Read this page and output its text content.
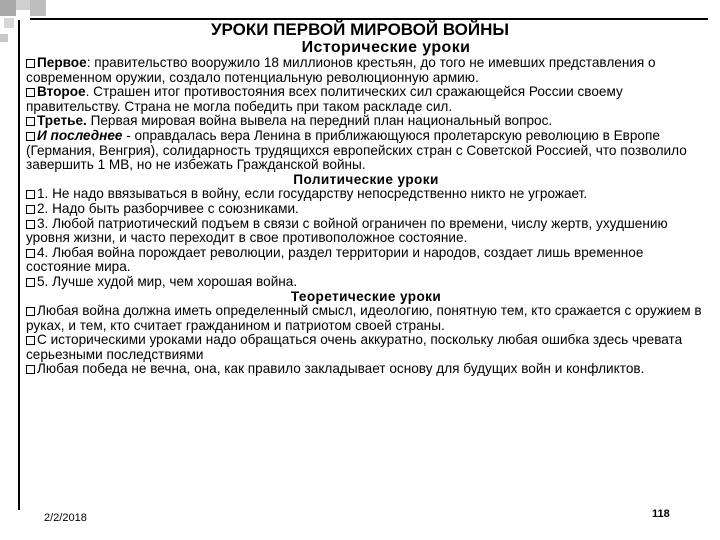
УРОКИ ПЕРВОЙ МИРОВОЙ ВОЙНЫ

Исторические уроки

Первое: правительство вооружило 18 миллионов крестьян, до того не имевших представления о современном оружии, создало потенциальную революционную армию.

Второе. Страшен итог противостояния всех политических сил сражающейся России своему правительству. Страна не могла победить при таком раскладе сил.

Третье. Первая мировая война вывела на передний план национальный вопрос.

И последнее - оправдалась вера Ленина в приближающуюся пролетарскую революцию в Европе (Германия, Венгрия), солидарность трудящихся европейских стран с Советской Россией, что позволило завершить 1 МВ, но не избежать Гражданской войны.

Политические уроки

1. Не надо ввязываться в войну, если государству непосредственно никто не угрожает.

2. Надо быть разборчивее с союзниками.

3. Любой патриотический подъем в связи с войной ограничен по времени, числу жертв, ухудшению уровня жизни, и часто переходит в свое противоположное состояние.

4. Любая война порождает революции, раздел территории и народов, создает лишь временное состояние мира.

5. Лучше худой мир, чем хорошая война.

Теоретические уроки

Любая война должна иметь определенный смысл, идеологию, понятную тем, кто сражается с оружием в руках, и тем, кто считает гражданином и патриотом своей страны.

С историческими уроками надо обращаться очень аккуратно, поскольку любая ошибка здесь чревата серьезными последствиями

Любая победа не вечна, она, как правило закладывает основу для будущих войн и конфликтов.

2/2/2018	118
